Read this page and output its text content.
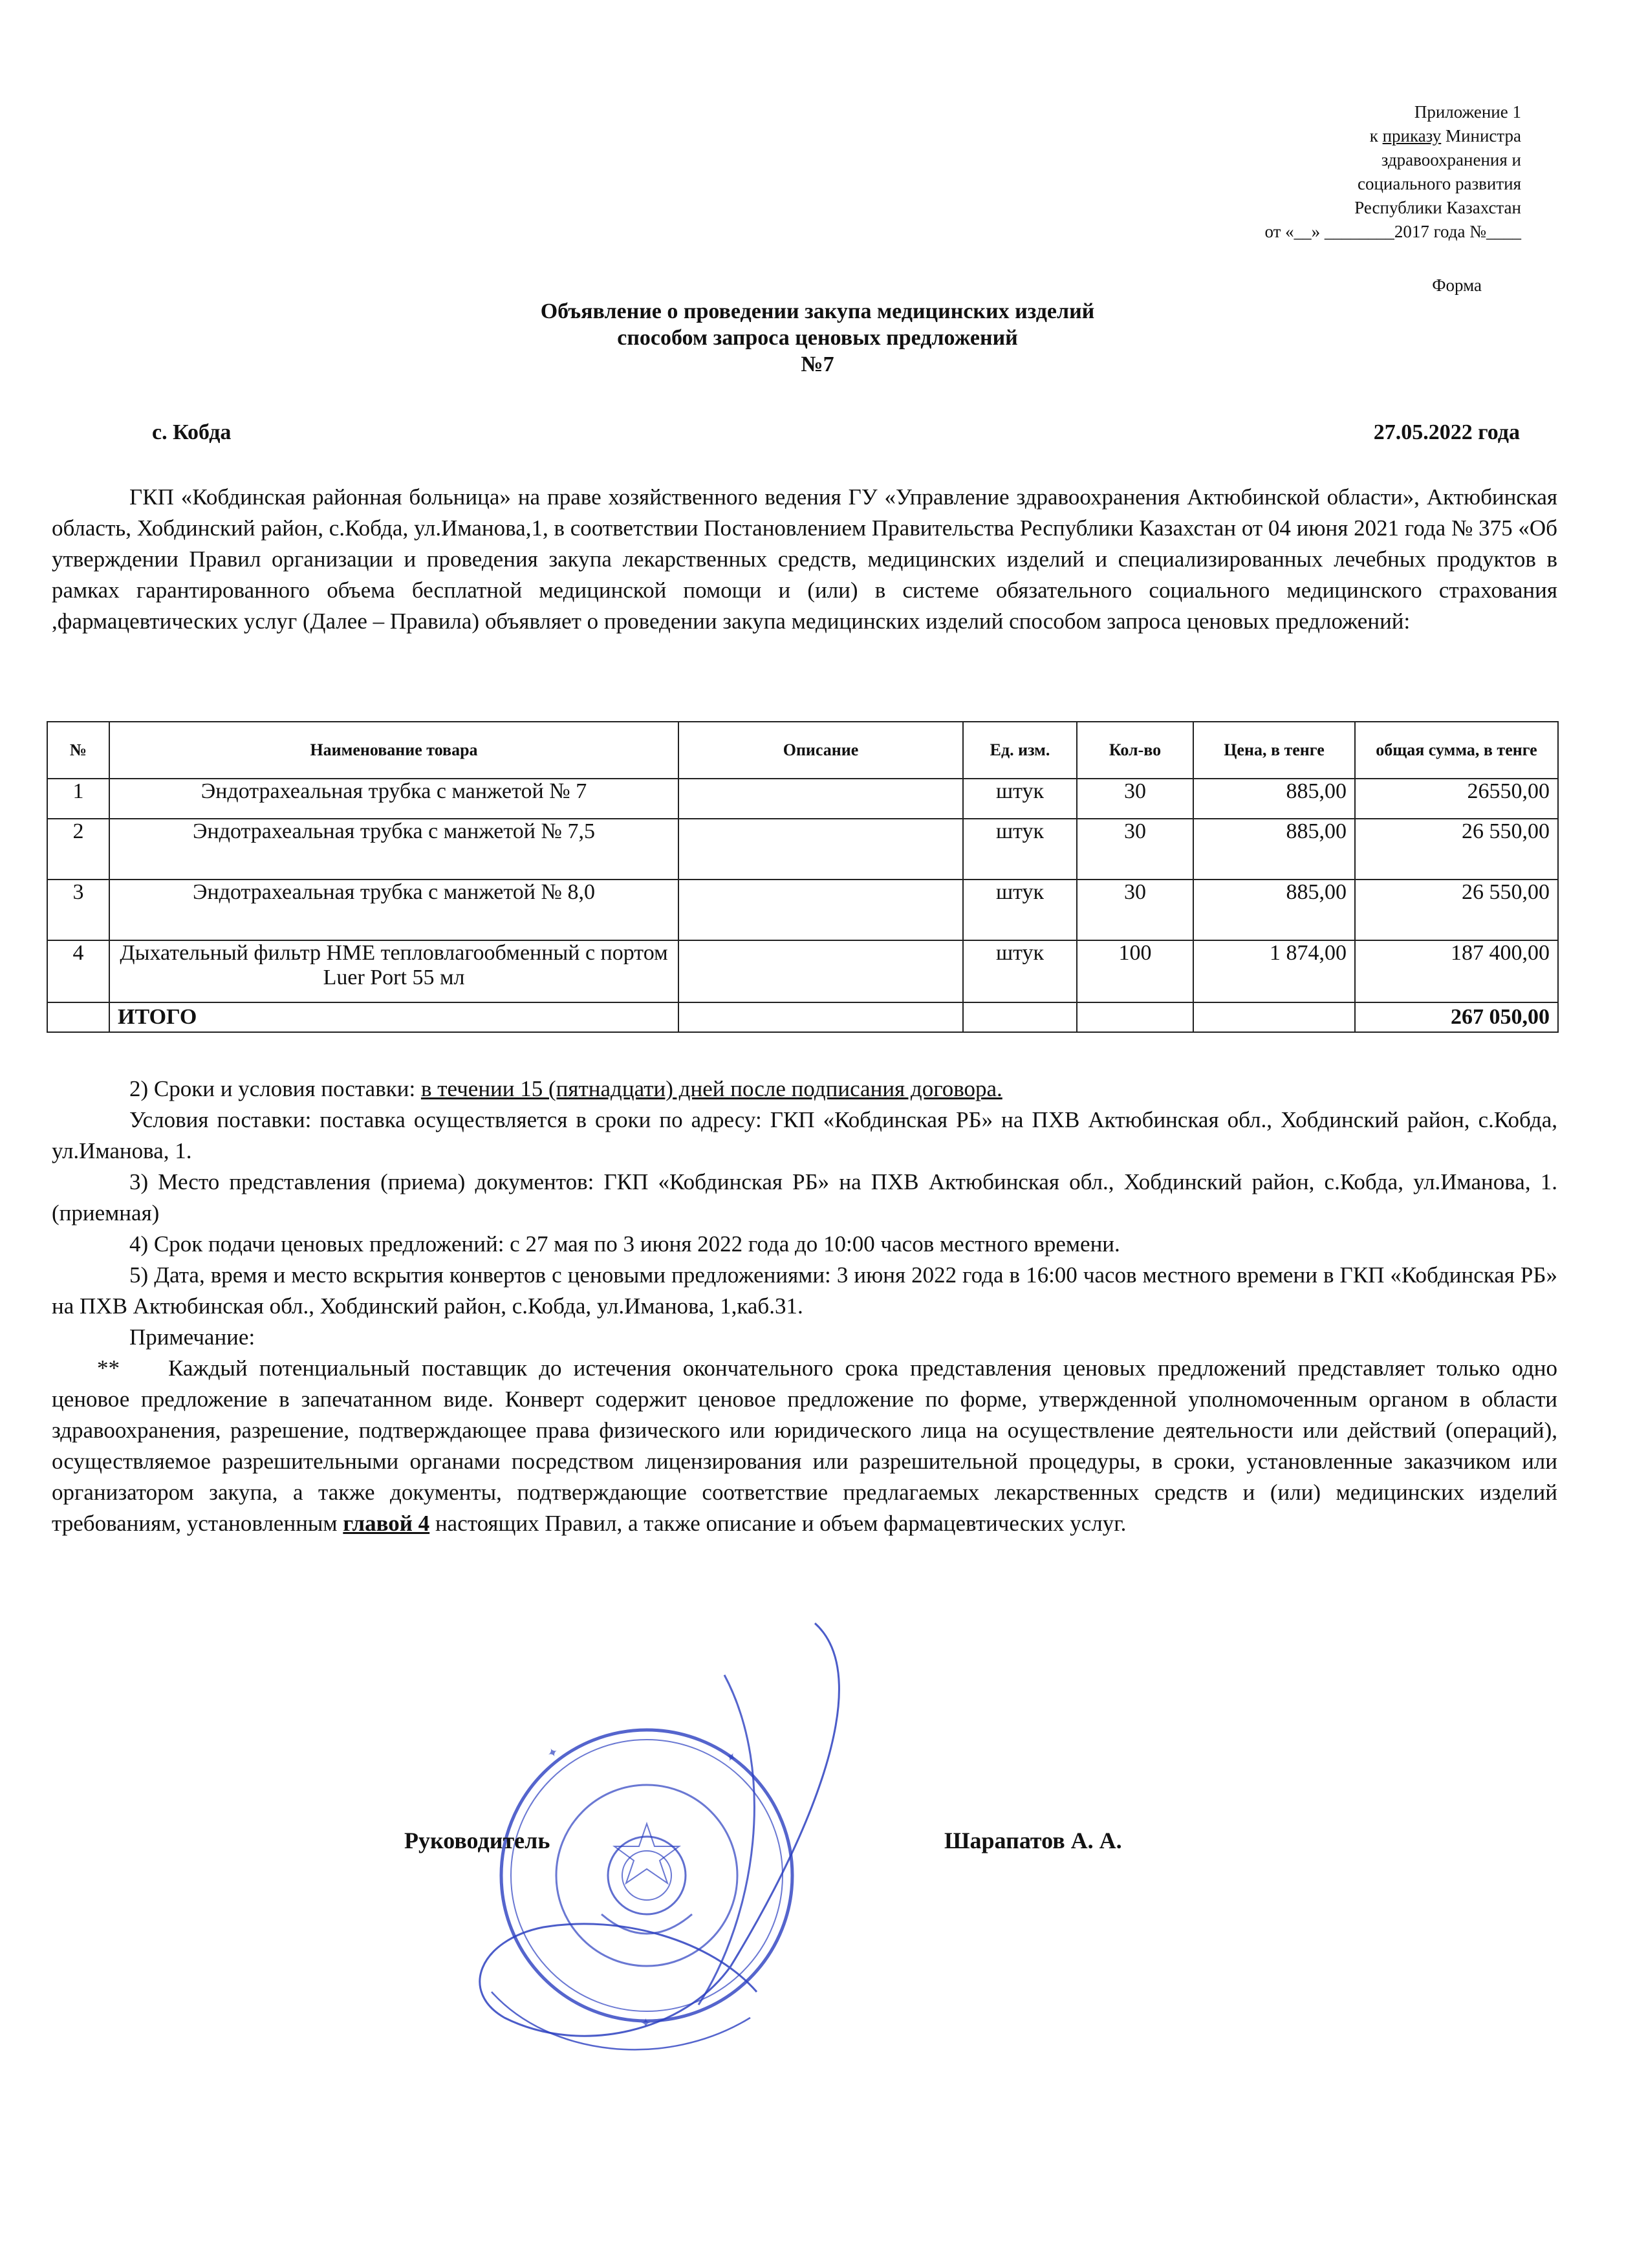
Приложение 1
к приказу Министра
здравоохранения и
социального развития
Республики Казахстан
от «__» ________2017 года №____
Форма
Объявление о проведении закупа медицинских изделий
способом запроса ценовых предложений
№7
с. Кобда	27.05.2022 года
ГКП «Кобдинская районная больница» на праве хозяйственного ведения ГУ «Управление здравоохранения Актюбинской области», Актюбинская область, Хобдинский район, с.Кобда, ул.Иманова,1, в соответствии Постановлением Правительства Республики Казахстан от 04 июня 2021 года № 375 «Об утверждении Правил организации и проведения закупа лекарственных средств, медицинских изделий и специализированных лечебных продуктов в рамках гарантированного объема бесплатной медицинской помощи и (или) в системе обязательного социального медицинского страхования ,фармацевтических услуг (Далее – Правила) объявляет о проведении закупа медицинских изделий способом запроса ценовых предложений:
№	Наименование товара	Описание	Ед. изм.	Кол-во	Цена, в тенге	общая сумма, в тенге
1	Эндотрахеальная трубка с манжетой № 7		штук	30	885,00	26550,00
2	Эндотрахеальная трубка с манжетой № 7,5		штук	30	885,00	26 550,00
3	Эндотрахеальная трубка с манжетой № 8,0		штук	30	885,00	26 550,00
4	Дыхательный фильтр HME тепловлагообменный с портом Luer Port 55 мл		штук	100	1 874,00	187 400,00
	ИТОГО					267 050,00

2) Сроки и условия поставки: в течении 15 (пятнадцати) дней после подписания договора.

Условия поставки: поставка осуществляется в сроки по адресу: ГКП «Кобдинская РБ» на ПХВ Актюбинская обл., Хобдинский район, с.Кобда, ул.Иманова, 1.

3) Место представления (приема) документов: ГКП «Кобдинская РБ» на ПХВ Актюбинская обл., Хобдинский район, с.Кобда, ул.Иманова, 1. (приемная)

4) Срок подачи ценовых предложений: с 27 мая по 3 июня 2022 года до 10:00 часов местного времени.

5) Дата, время и место вскрытия конвертов с ценовыми предложениями: 3 июня 2022 года в 16:00 часов местного времени в ГКП «Кобдинская РБ» на ПХВ Актюбинская обл., Хобдинский район, с.Кобда, ул.Иманова, 1,каб.31.

Примечание:

** Каждый потенциальный поставщик до истечения окончательного срока представления ценовых предложений представляет только одно ценовое предложение в запечатанном виде. Конверт содержит ценовое предложение по форме, утвержденной уполномоченным органом в области здравоохранения, разрешение, подтверждающее права физического или юридического лица на осуществление деятельности или действий (операций), осуществляемое разрешительными органами посредством лицензирования или разрешительной процедуры, в сроки, установленные заказчиком или организатором закупа, а также документы, подтверждающие соответствие предлагаемых лекарственных средств и (или) медицинских изделий требованиям, установленным главой 4 настоящих Правил, а также описание и объем фармацевтических услуг.

✦	✦
✦
Руководитель	Шарапатов А. А.
